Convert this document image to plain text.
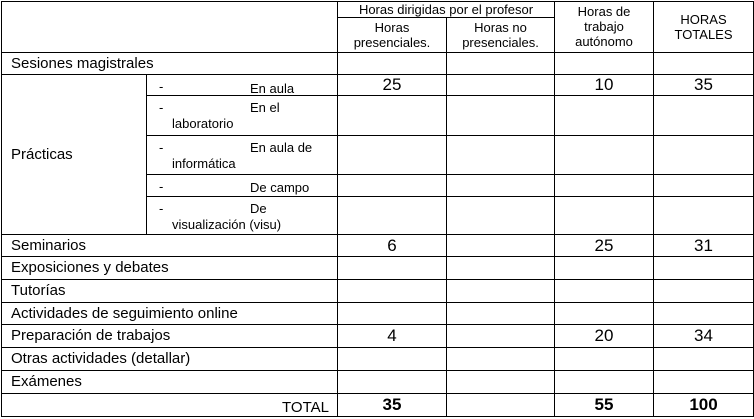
		Horas dirigidas por el profesor		Horas de trabajo autónomo	HORAS TOTALES
		Horas presenciales.	Horas no presenciales.		
Sesiones magistrales					
Prácticas	- En aula	25		10	35

	- En el
laboratorio				

	- En aula de
informática				

	- De campo				

	- De
visualización (visu)				

Seminarios		6		25	31
Exposiciones y debates					
Tutorías					
Actividades de seguimiento online					
Preparación de trabajos		4		20	34
Otras actividades (detallar)					
Exámenes					
TOTAL		35		55	100
